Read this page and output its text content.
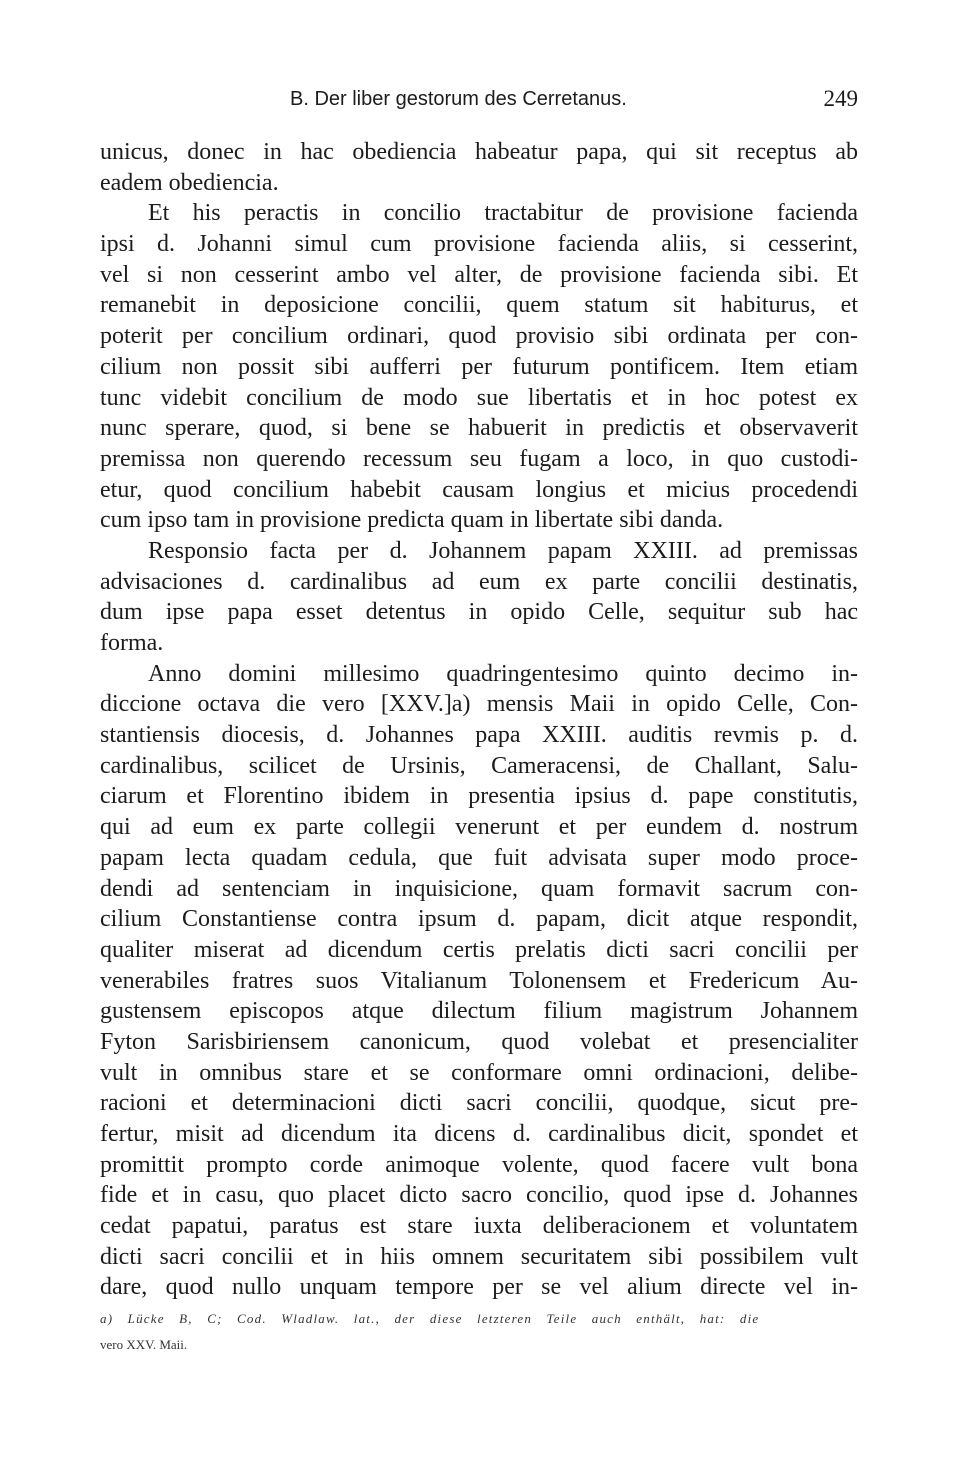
B. Der liber gestorum des Cerretanus.	249
unicus, donec in hac obediencia habeatur papa, qui sit receptus ab
eadem obediencia.
Et his peractis in concilio tractabitur de provisione facienda
ipsi d. Johanni simul cum provisione facienda aliis, si cesserint,
vel si non cesserint ambo vel alter, de provisione facienda sibi. Et
remanebit in deposicione concilii, quem statum sit habiturus, et
poterit per concilium ordinari, quod provisio sibi ordinata per con-
cilium non possit sibi aufferri per futurum pontificem. Item etiam
tunc videbit concilium de modo sue libertatis et in hoc potest ex
nunc sperare, quod, si bene se habuerit in predictis et observaverit
premissa non querendo recessum seu fugam a loco, in quo custodi-
etur, quod concilium habebit causam longius et micius procedendi
cum ipso tam in provisione predicta quam in libertate sibi danda.
Responsio facta per d. Johannem papam XXIII. ad premissas
advisaciones d. cardinalibus ad eum ex parte concilii destinatis,
dum ipse papa esset detentus in opido Celle, sequitur sub hac
forma.
Anno domini millesimo quadringentesimo quinto decimo in-
diccione octava die vero [XXV.]a) mensis Maii in opido Celle, Con-
stantiensis diocesis, d. Johannes papa XXIII. auditis revmis p. d.
cardinalibus, scilicet de Ursinis, Cameracensi, de Challant, Salu-
ciarum et Florentino ibidem in presentia ipsius d. pape constitutis,
qui ad eum ex parte collegii venerunt et per eundem d. nostrum
papam lecta quadam cedula, que fuit advisata super modo proce-
dendi ad sentenciam in inquisicione, quam formavit sacrum con-
cilium Constantiense contra ipsum d. papam, dicit atque respondit,
qualiter miserat ad dicendum certis prelatis dicti sacri concilii per
venerabiles fratres suos Vitalianum Tolonensem et Fredericum Au-
gustensem episcopos atque dilectum filium magistrum Johannem
Fyton Sarisbiriensem canonicum, quod volebat et presencialiter
vult in omnibus stare et se conformare omni ordinacioni, delibe-
racioni et determinacioni dicti sacri concilii, quodque, sicut pre-
fertur, misit ad dicendum ita dicens d. cardinalibus dicit, spondet et
promittit prompto corde animoque volente, quod facere vult bona
fide et in casu, quo placet dicto sacro concilio, quod ipse d. Johannes
cedat papatui, paratus est stare iuxta deliberacionem et voluntatem
dicti sacri concilii et in hiis omnem securitatem sibi possibilem vult
dare, quod nullo unquam tempore per se vel alium directe vel in-
a) Lücke B, C; Cod. Wladlaw. lat., der diese letzteren Teile auch enthält, hat: die
vero XXV. Maii.
